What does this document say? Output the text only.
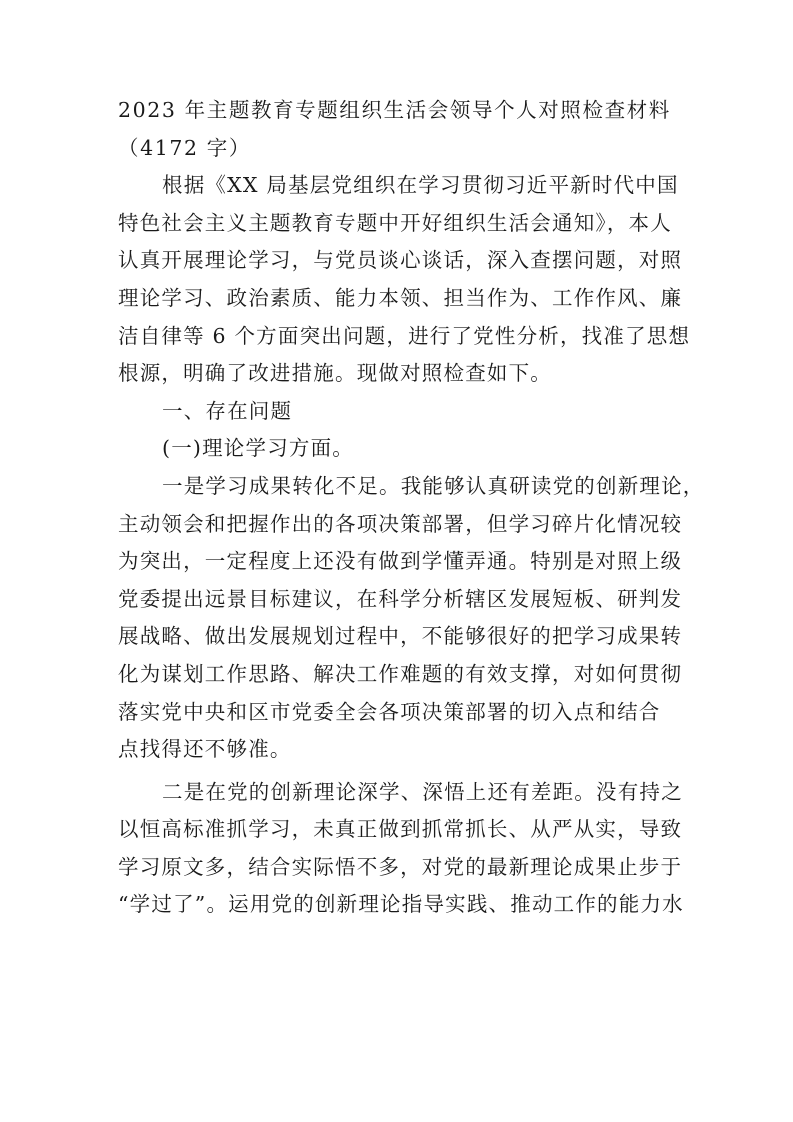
2023 年主题教育专题组织生活会领导个人对照检查材料
（4172 字）
根据《XX 局基层党组织在学习贯彻习近平新时代中国
特色社会主义主题教育专题中开好组织生活会通知》，本人
认真开展理论学习，与党员谈心谈话，深入查摆问题，对照
理论学习、政治素质、能力本领、担当作为、工作作风、廉
洁自律等 6 个方面突出问题，进行了党性分析，找准了思想
根源，明确了改进措施。现做对照检查如下。
一、存在问题
(一)理论学习方面。
一是学习成果转化不足。我能够认真研读党的创新理论，
主动领会和把握作出的各项决策部署，但学习碎片化情况较
为突出，一定程度上还没有做到学懂弄通。特别是对照上级
党委提出远景目标建议，在科学分析辖区发展短板、研判发
展战略、做出发展规划过程中，不能够很好的把学习成果转
化为谋划工作思路、解决工作难题的有效支撑，对如何贯彻
落实党中央和区市党委全会各项决策部署的切入点和结合
点找得还不够准。
二是在党的创新理论深学、深悟上还有差距。没有持之
以恒高标准抓学习，未真正做到抓常抓长、从严从实，导致
学习原文多，结合实际悟不多，对党的最新理论成果止步于
“学过了”。运用党的创新理论指导实践、推动工作的能力水
